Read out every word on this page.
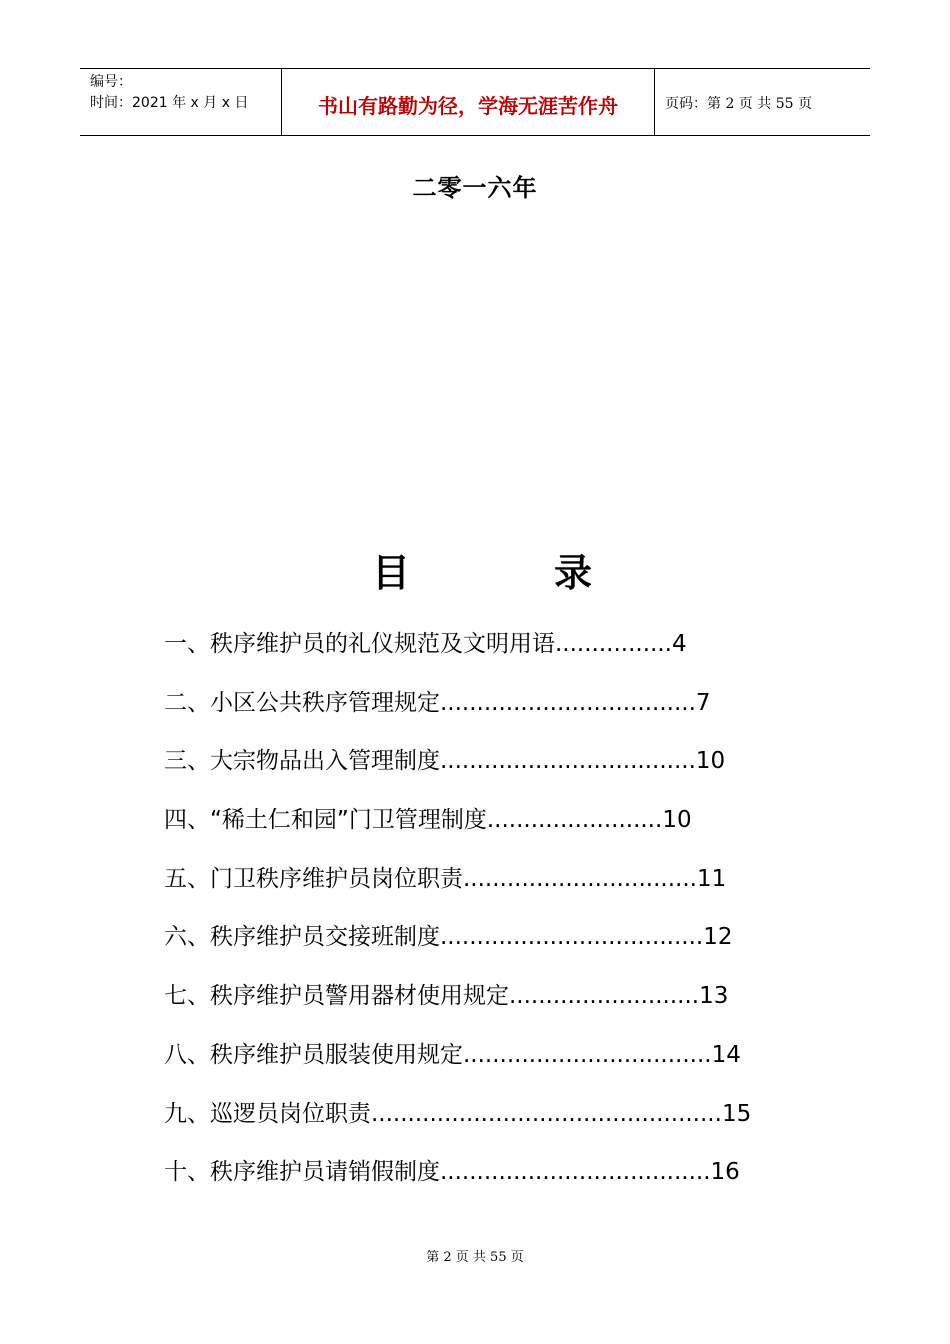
编号：
时间：2021 年 x 月 x 日	书山有路勤为径，学海无涯苦作舟	页码：第 2 页 共 55 页
二零一六年
目	录
一、秩序维护员的礼仪规范及文明用语 ................ 4
二、小区公共秩序管理规定 ................................... 7
三、大宗物品出入管理制度 ................................... 10
四、“稀土仁和园”门卫管理制度 ........................ 10
五、门卫秩序维护员岗位职责 ................................ 11
六、秩序维护员交接班制度 .................................... 12
七、秩序维护员警用器材使用规定 .......................... 13
八、秩序维护员服装使用规定 .................................. 14
九、巡逻员岗位职责 ................................................ 15
十、秩序维护员请销假制度 ..................................... 16
第 2 页 共 55 页
